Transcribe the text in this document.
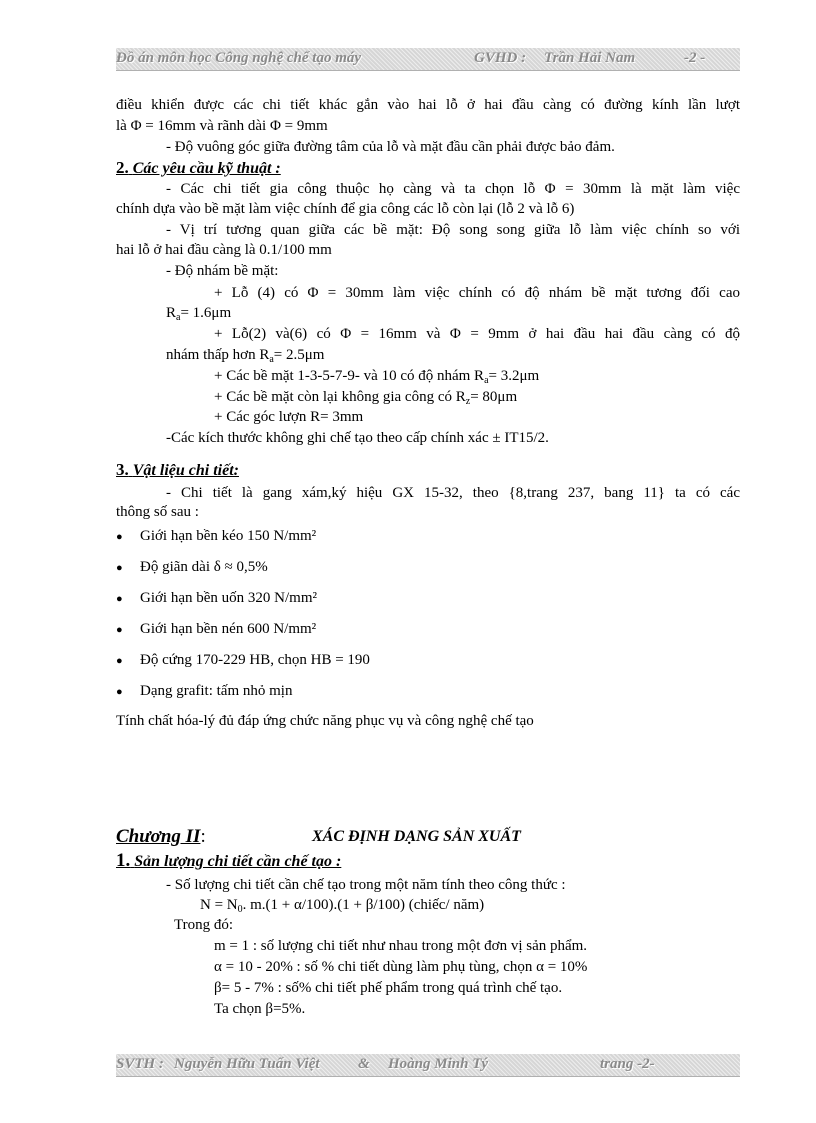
Đồ án môn học Công nghệ chế tạo máy	GVHD : Trần Hải Nam	-2 -
điều khiển được các chi tiết khác gắn vào hai lỗ ở hai đầu càng có đường kính lần lượt
là Φ = 16mm và rãnh dài Φ = 9mm
- Độ vuông góc giữa đường tâm của lỗ và mặt đầu cần phải được bảo đảm.
2. Các yêu cầu kỹ thuật :
- Các chi tiết gia công thuộc họ càng và ta chọn lỗ Φ = 30mm là mặt làm việc
chính dựa vào bề mặt làm việc chính để gia công các lỗ còn lại (lỗ 2 và lỗ 6)
- Vị trí tương quan giữa các bề mặt: Độ song song giữa lỗ làm việc chính so với
hai lỗ ở hai đầu càng là 0.1/100 mm
- Độ nhám bề mặt:
+ Lỗ (4) có Φ = 30mm làm việc chính có độ nhám bề mặt tương đối cao
$R_a= 1.6\mu m$
+ Lỗ(2) và(6) có Φ = 16mm và Φ = 9mm ở hai đầu hai đầu càng có độ
nhám thấp hơn $R_a= 2.5\mu m$
+ Các bề mặt 1-3-5-7-9- và 10 có độ nhám $R_a= 3.2\mu m$
+ Các bề mặt còn lại không gia công có $R_z= 80\mu m$
+ Các góc lượn R= 3mm
-Các kích thước không ghi chế tạo theo cấp chính xác ± IT15/2.
3. Vật liệu chi tiết:
- Chi tiết là gang xám,ký hiệu GX 15-32, theo {8,trang 237, bang 11} ta có các
thông số sau :
● Giới hạn bền kéo 150 N/mm²
● Độ giãn dài δ ≈ 0,5%
● Giới hạn bền uốn 320 N/mm²
● Giới hạn bền nén 600 N/mm²
● Độ cứng 170-229 HB, chọn HB = 190
● Dạng grafit: tấm nhỏ mịn
Tính chất hóa-lý đủ đáp ứng chức năng phục vụ và công nghệ chế tạo
Chương II:	XÁC ĐỊNH DẠNG SẢN XUẤT
1. Sản lượng chi tiết cần chế tạo :
- Số lượng chi tiết cần chế tạo trong một năm tính theo công thức :
$N = N_0$. m.(1 + α/100).(1 + β/100) (chiếc/ năm)
Trong đó:
m = 1 : số lượng chi tiết như nhau trong một đơn vị sản phẩm.
α = 10 - 20% : số % chi tiết dùng làm phụ tùng, chọn α = 10%
β= 5 - 7% : số% chi tiết phế phẩm trong quá trình chế tạo.
Ta chọn β=5%.
SVTH : Nguyễn Hữu Tuấn Việt	& Hoàng Minh Tý	trang -2-
